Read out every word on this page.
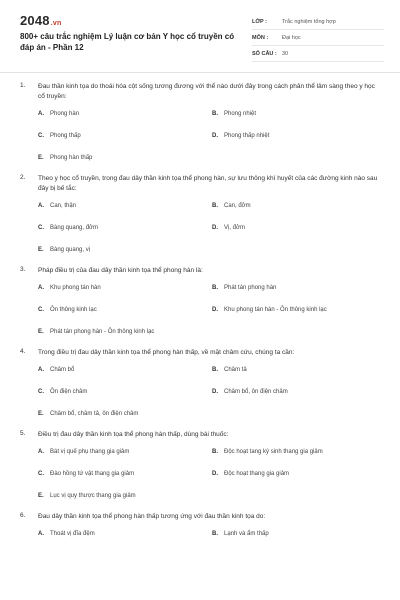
2048.vn
800+ câu trắc nghiệm Lý luận cơ bản Y học cổ truyền có đáp án - Phần 12
LỚP :	Trắc nghiệm tổng hợp
MÔN :	Đại học
SỐ CÂU : 30
1. Đau thần kinh tọa do thoái hóa cột sống tương đương với thể nào dưới đây trong cách phân thể lâm sàng theo y học cổ truyền:
A.	Phong hàn	B.	Phong nhiệt
C.	Phong thấp	D.	Phong thấp nhiệt
E.	Phong hàn thấp
2. Theo y học cổ truyền, trong đau dây thần kinh tọa thể phong hàn, sự lưu thông khí huyết của các đường kinh nào sau đây bị bế tắc:
A.	Can, thận	B.	Can, đởm
C.	Bàng quang, đởm	D.	Vị, đởm
E.	Bàng quang, vị
3. Pháp điều trị của đau dây thần kinh tọa thể phong hàn là:
A.	Khu phong tán hàn	B.	Phát tán phong hàn
C.	Ôn thông kinh lạc	D.	Khu phong tán hàn - Ôn thông kinh lạc
E.	Phát tán phong hàn - Ôn thông kinh lạc
4. Trong điều trị đau dây thần kinh tọa thể phong hàn thấp, về mặt châm cứu, chúng ta cần:
A.	Châm bổ	B.	Châm tả
C.	Ôn điện châm	D.	Châm bổ, ôn điện châm
E.	Châm bổ, châm tả, ôn điện châm
5. Điều trị đau dây thần kinh tọa thể phong hàn thấp, dùng bài thuốc:
A.	Bát vị quế phụ thang gia giảm	B.	Độc hoạt tang ký sinh thang gia giảm
C.	Đào hồng tứ vật thang gia giảm	D.	Độc hoạt thang gia giảm
E.	Lục vị quy thược thang gia giảm
6. Đau dây thần kinh tọa thể phong hàn thấp tương ứng với đau thần kinh tọa do:
A.	Thoát vị đĩa đệm	B.	Lạnh và ẩm thấp
